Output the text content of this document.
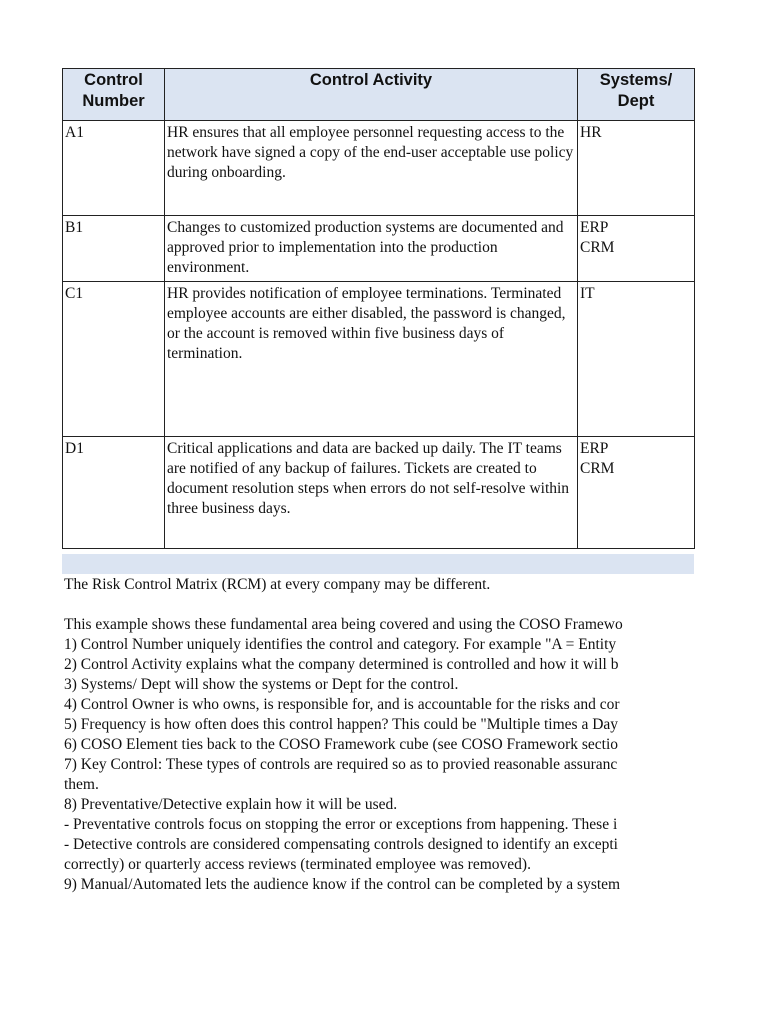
Control Number	Control Activity	Systems/ Dept
A1	HR ensures that all employee personnel requesting access to the network have signed a copy of the end-user acceptable use policy during onboarding.	HR

B1	Changes to customized production systems are documented and approved prior to implementation into the production environment.	ERP
CRM

C1	HR provides notification of employee terminations. Terminated employee accounts are either disabled, the password is changed, or the account is removed within five business days of termination.	IT

D1	Critical applications and data are backed up daily. The IT teams are notified of any backup of failures. Tickets are created to document resolution steps when errors do not self-resolve within three business days.	ERP
CRM

The Risk Control Matrix (RCM) at every company may be different.

This example shows these fundamental area being covered and using the COSO Framewo

1) Control Number uniquely identifies the control and category. For example "A = Entity

2) Control Activity explains what the company determined is controlled and how it will b

3) Systems/ Dept will show the systems or Dept for the control.

4) Control Owner is who owns, is responsible for, and is accountable for the risks and cor

5) Frequency is how often does this control happen? This could be "Multiple times a Day

6) COSO Element ties back to the COSO Framework cube (see COSO Framework sectio

7) Key Control: These types of controls are required so as to provied reasonable assuranc

them.

8) Preventative/Detective explain how it will be used.

- Preventative controls focus on stopping the error or exceptions from happening. These i

- Detective controls are considered compensating controls designed to identify an excepti

correctly) or quarterly access reviews (terminated employee was removed).

9) Manual/Automated lets the audience know if the control can be completed by a system
